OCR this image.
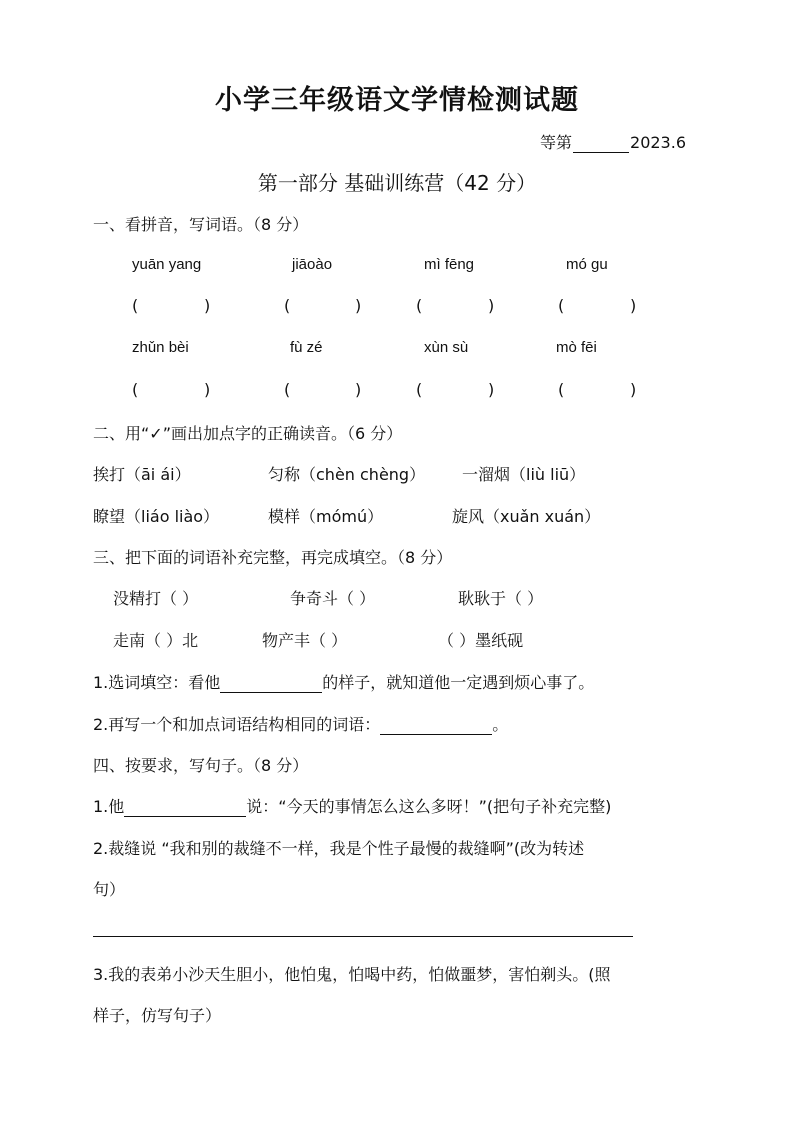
小学三年级语文学情检测试题
等第	2023.6
第一部分 基础训练营（42 分）
一、看拼音，写词语。（8 分）
yuān yang	jiāoào	mì fēng	mó gu
(	)	(	)	(	)	(	)
zhǔn bèi	fù zé	xùn sù	mò fēi
(	)	(	)	(	)	(	)
二、用“✓”画出加点字的正确读音。（6 分）
挨打（āi ái）	匀称（chèn chèng） 一溜烟（liù liū）
瞭望（liáo liào）	模样（mómú）	旋风（xuǎn xuán）
三、把下面的词语补充完整，再完成填空。（8 分）
没精打（ ）	争奇斗（ ）	耿耿于（ ）
走南（ ）北	物产丰（ ）	（ ）墨纸砚
1.选词填空：看他	的样子，就知道他一定遇到烦心事了。
2.再写一个和加点词语结构相同的词语：	。
四、按要求，写句子。（8 分）
1.他	说：“今天的事情怎么这么多呀！”(把句子补充完整)
2.裁缝说 “我和别的裁缝不一样，我是个性子最慢的裁缝啊”(改为转述
句）
3.我的表弟小沙天生胆小，他怕鬼，怕喝中药，怕做噩梦，害怕剃头。(照
样子，仿写句子）
